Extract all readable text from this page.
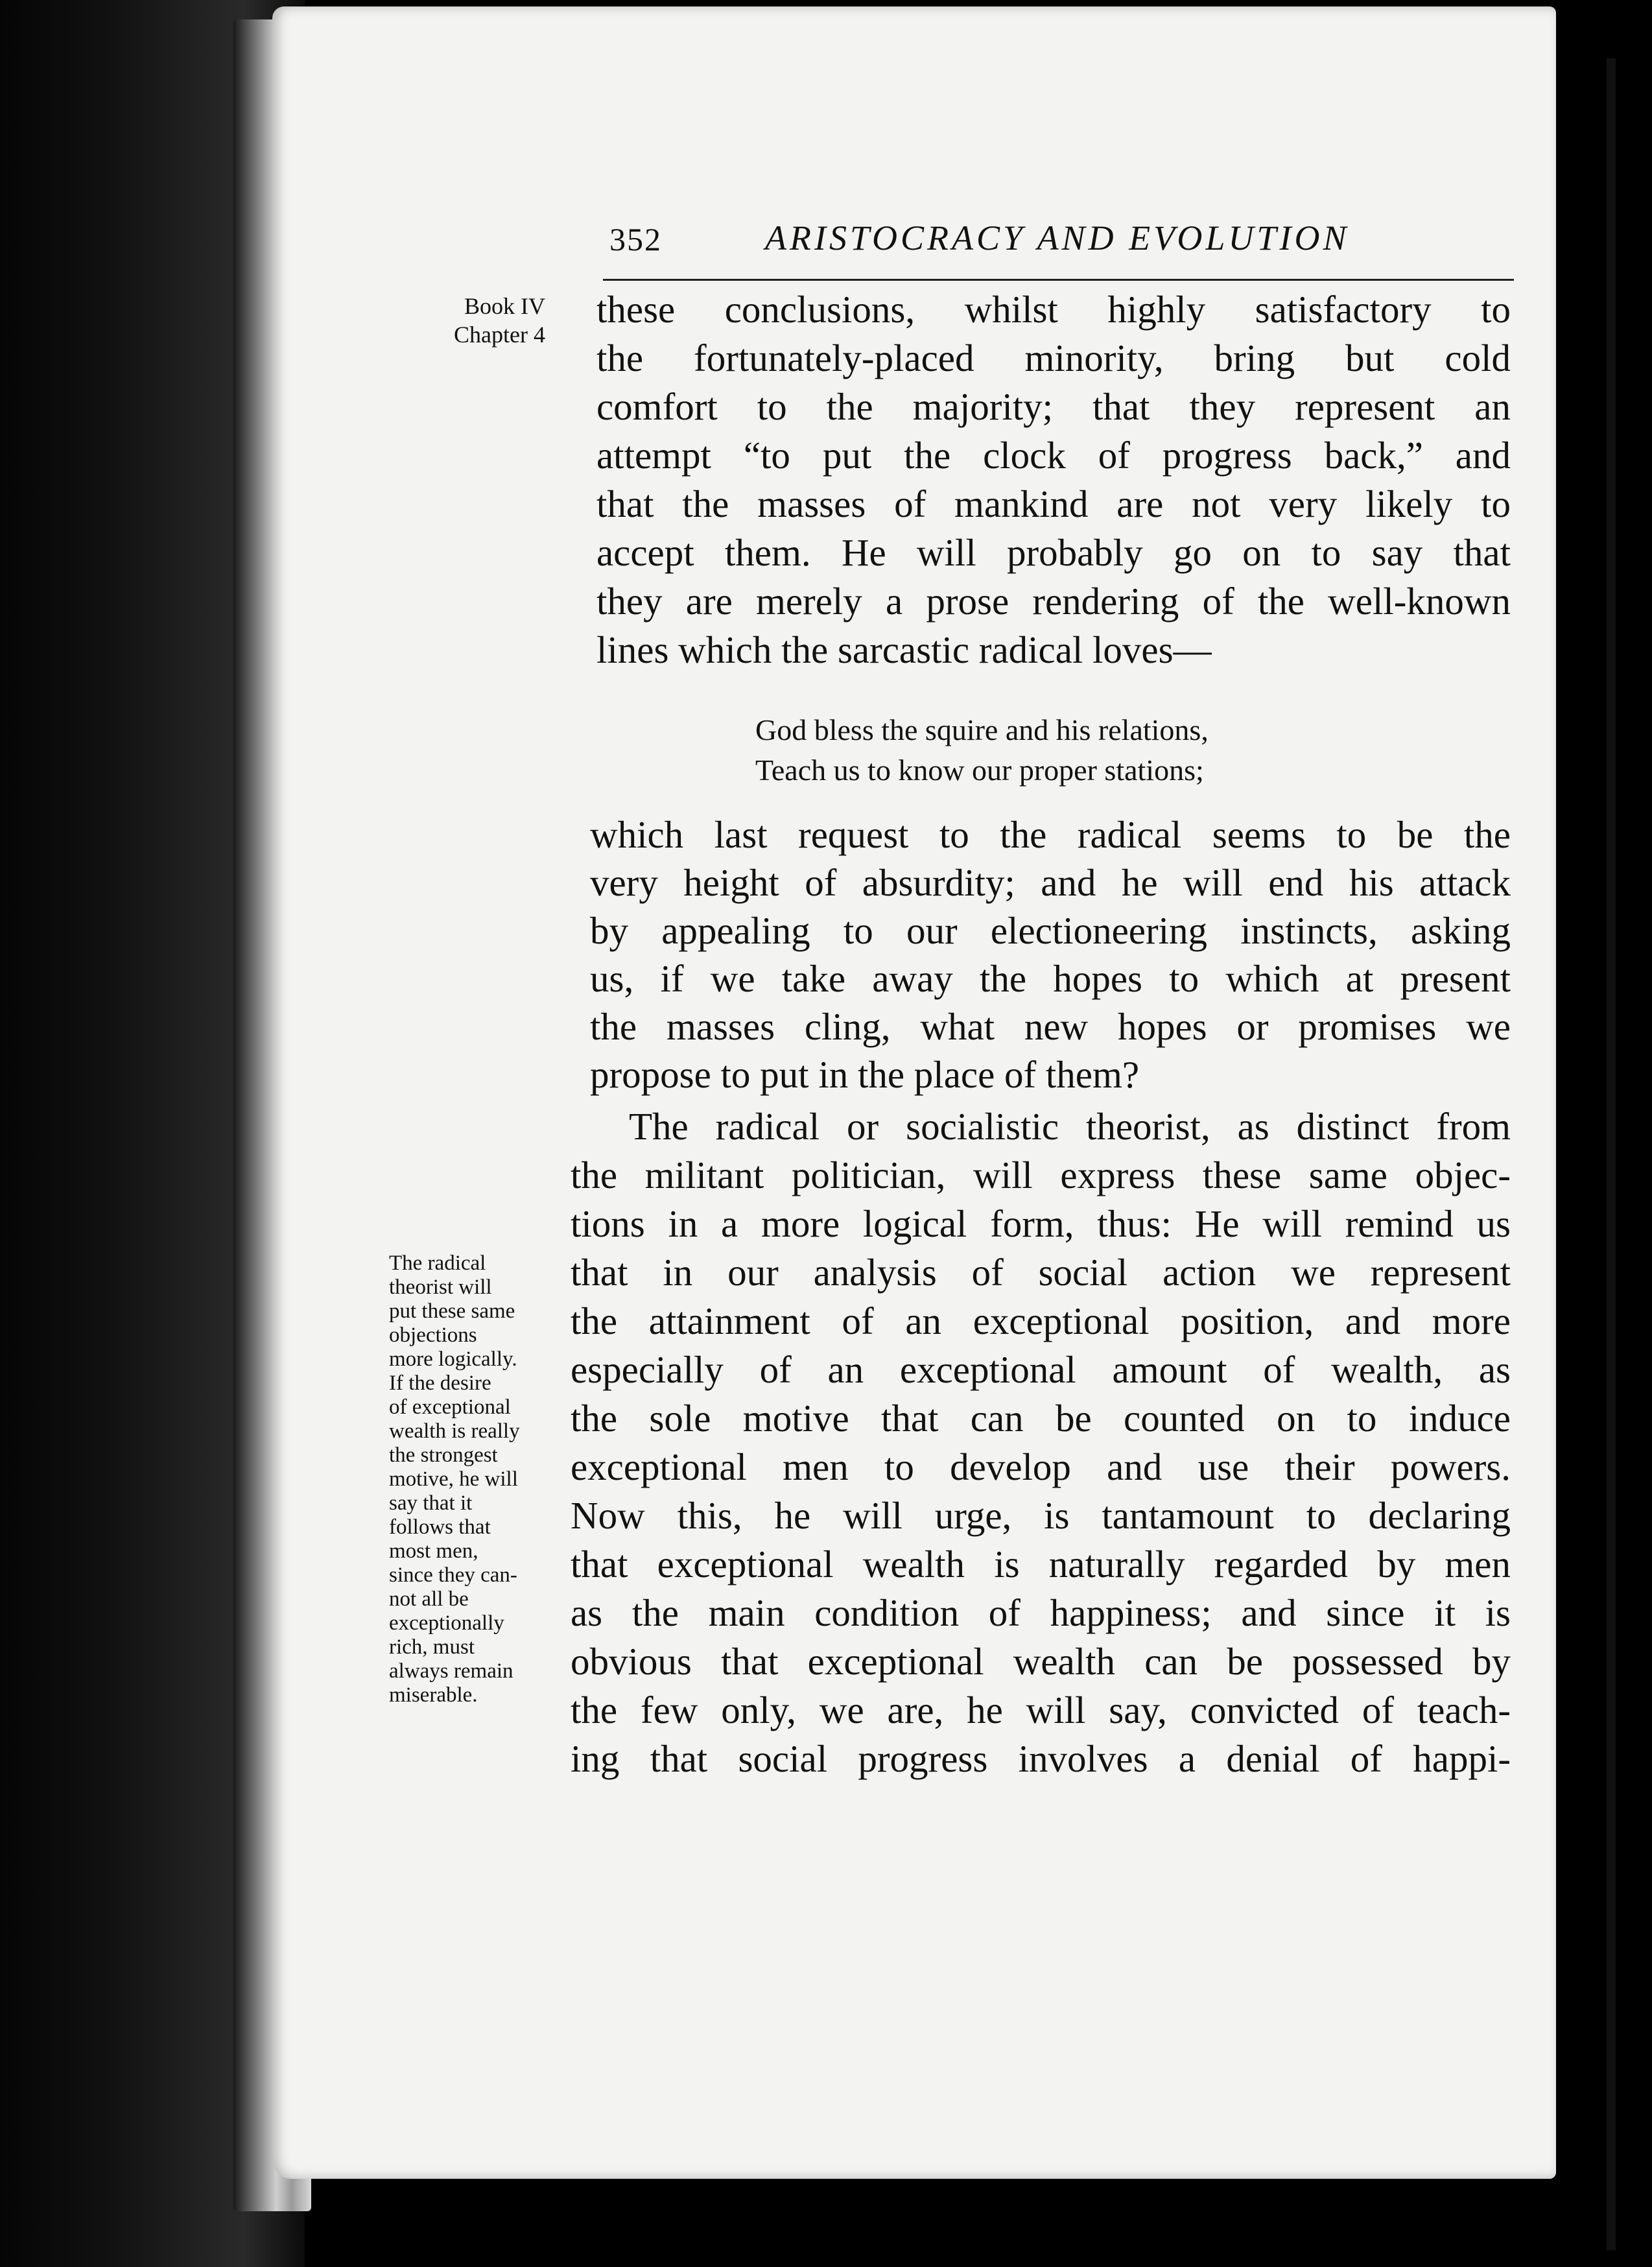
352	ARISTOCRACY AND EVOLUTION
Book IV
Chapter 4
these conclusions, whilst highly satisfactory to
the fortunately-placed minority, bring but cold
comfort to the majority; that they represent an
attempt “to put the clock of progress back,” and
that the masses of mankind are not very likely to
accept them. He will probably go on to say that
they are merely a prose rendering of the well-known
lines which the sarcastic radical loves—
God bless the squire and his relations,
Teach us to know our proper stations;
which last request to the radical seems to be the
very height of absurdity; and he will end his attack
by appealing to our electioneering instincts, asking
us, if we take away the hopes to which at present
the masses cling, what new hopes or promises we
propose to put in the place of them?
The radical or socialistic theorist, as distinct from
the militant politician, will express these same objec-
tions in a more logical form, thus: He will remind us
that in our analysis of social action we represent
the attainment of an exceptional position, and more
especially of an exceptional amount of wealth, as
the sole motive that can be counted on to induce
exceptional men to develop and use their powers.
Now this, he will urge, is tantamount to declaring
that exceptional wealth is naturally regarded by men
as the main condition of happiness; and since it is
obvious that exceptional wealth can be possessed by
the few only, we are, he will say, convicted of teach-
ing that social progress involves a denial of happi-
The radical
theorist will
put these same
objections
more logically.
If the desire
of exceptional
wealth is really
the strongest
motive, he will
say that it
follows that
most men,
since they can-
not all be
exceptionally
rich, must
always remain
miserable.
